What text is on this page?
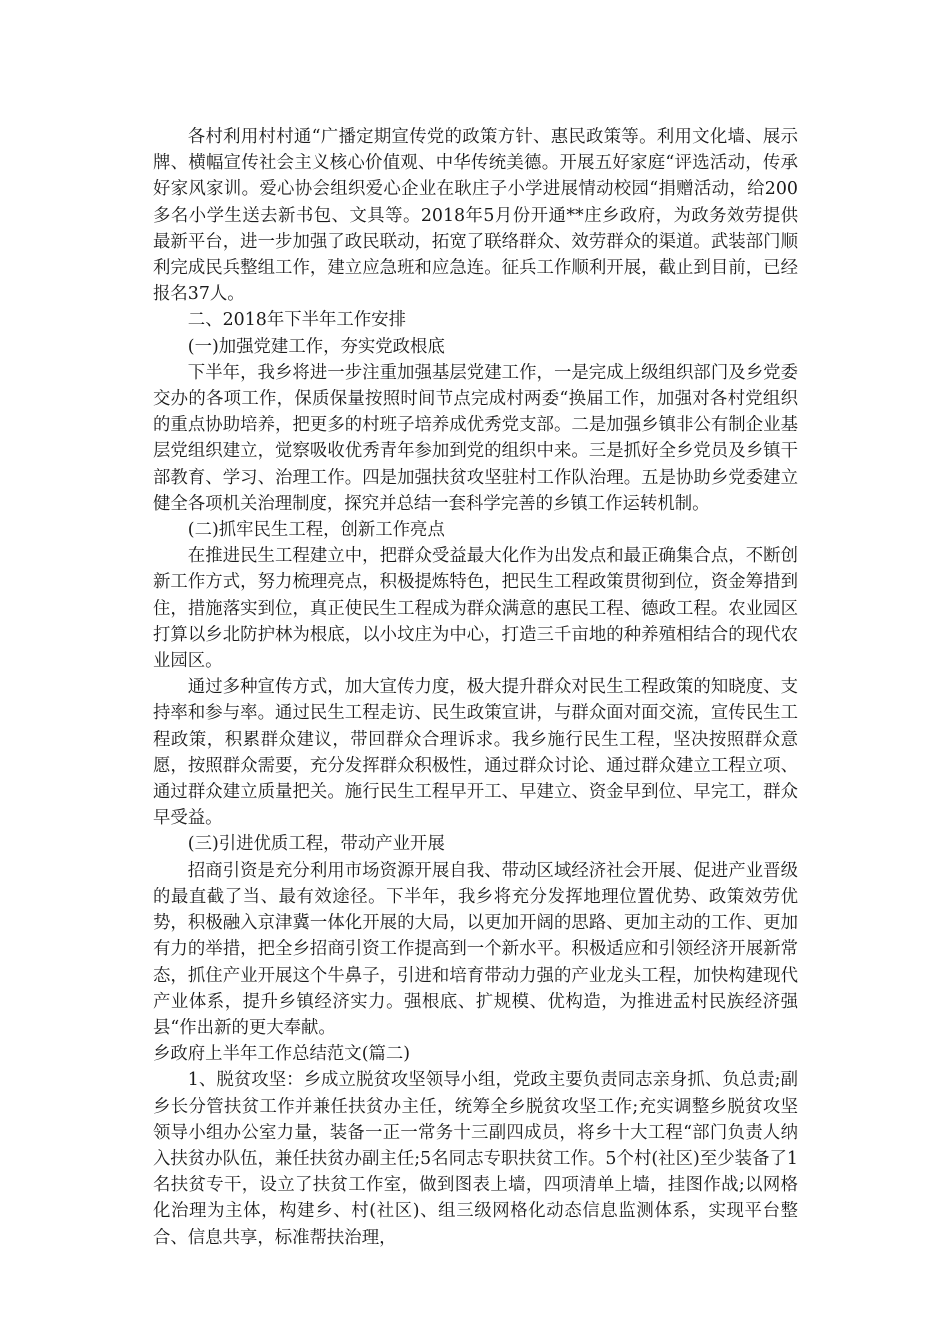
各村利用村村通“广播定期宣传党的政策方针、惠民政策等。利用文化墙、展示牌、横幅宣传社会主义核心价值观、中华传统美德。开展五好家庭“评选活动，传承好家风家训。爱心协会组织爱心企业在耿庄子小学进展情动校园“捐赠活动，给200多名小学生送去新书包、文具等。2018年5月份开通**庄乡政府，为政务效劳提供最新平台，进一步加强了政民联动，拓宽了联络群众、效劳群众的渠道。武装部门顺利完成民兵整组工作，建立应急班和应急连。征兵工作顺利开展，截止到目前，已经报名37人。

二、2018年下半年工作安排

(一)加强党建工作，夯实党政根底

下半年，我乡将进一步注重加强基层党建工作，一是完成上级组织部门及乡党委交办的各项工作，保质保量按照时间节点完成村两委“换届工作，加强对各村党组织的重点协助培养，把更多的村班子培养成优秀党支部。二是加强乡镇非公有制企业基层党组织建立，觉察吸收优秀青年参加到党的组织中来。三是抓好全乡党员及乡镇干部教育、学习、治理工作。四是加强扶贫攻坚驻村工作队治理。五是协助乡党委建立健全各项机关治理制度，探究并总结一套科学完善的乡镇工作运转机制。

(二)抓牢民生工程，创新工作亮点

在推进民生工程建立中，把群众受益最大化作为出发点和最正确集合点，不断创新工作方式，努力梳理亮点，积极提炼特色，把民生工程政策贯彻到位，资金筹措到住，措施落实到位，真正使民生工程成为群众满意的惠民工程、德政工程。农业园区打算以乡北防护林为根底，以小坟庄为中心，打造三千亩地的种养殖相结合的现代农业园区。

通过多种宣传方式，加大宣传力度，极大提升群众对民生工程政策的知晓度、支持率和参与率。通过民生工程走访、民生政策宣讲，与群众面对面交流，宣传民生工程政策，积累群众建议，带回群众合理诉求。我乡施行民生工程，坚决按照群众意愿，按照群众需要，充分发挥群众积极性，通过群众讨论、通过群众建立工程立项、通过群众建立质量把关。施行民生工程早开工、早建立、资金早到位、早完工，群众早受益。

(三)引进优质工程，带动产业开展

招商引资是充分利用市场资源开展自我、带动区域经济社会开展、促进产业晋级的最直截了当、最有效途径。下半年，我乡将充分发挥地理位置优势、政策效劳优势，积极融入京津冀一体化开展的大局，以更加开阔的思路、更加主动的工作、更加有力的举措，把全乡招商引资工作提高到一个新水平。积极适应和引领经济开展新常态，抓住产业开展这个牛鼻子，引进和培育带动力强的产业龙头工程，加快构建现代产业体系，提升乡镇经济实力。强根底、扩规模、优构造，为推进孟村民族经济强县“作出新的更大奉献。

乡政府上半年工作总结范文(篇二)

1、脱贫攻坚：乡成立脱贫攻坚领导小组，党政主要负责同志亲身抓、负总责;副乡长分管扶贫工作并兼任扶贫办主任，统筹全乡脱贫攻坚工作;充实调整乡脱贫攻坚领导小组办公室力量，装备一正一常务十三副四成员，将乡十大工程“部门负责人纳入扶贫办队伍，兼任扶贫办副主任;5名同志专职扶贫工作。5个村(社区)至少装备了1名扶贫专干，设立了扶贫工作室，做到图表上墙，四项清单上墙，挂图作战;以网格化治理为主体，构建乡、村(社区)、组三级网格化动态信息监测体系，实现平台整合、信息共享，标准帮扶治理，
